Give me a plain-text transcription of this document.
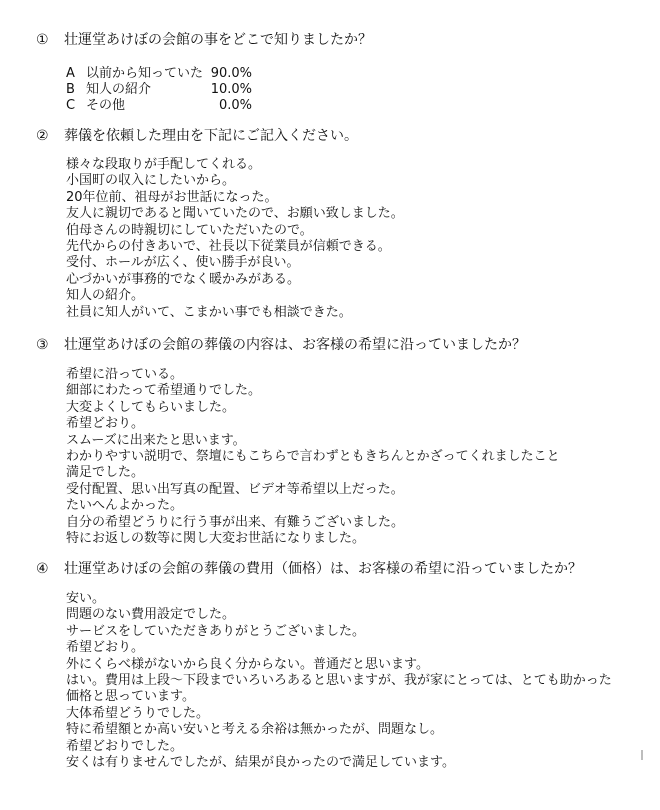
① 壮運堂あけぼの会館の事をどこで知りましたか？
A 以前から知っていた 90.0%
B 知人の紹介	10.0%
C その他	0.0%
② 葬儀を依頼した理由を下記にご記入ください。
様々な段取りが手配してくれる。
小国町の収入にしたいから。
20年位前、祖母がお世話になった。
友人に親切であると聞いていたので、お願い致しました。
伯母さんの時親切にしていただいたので。
先代からの付きあいで、社長以下従業員が信頼できる。
受付、ホールが広く、使い勝手が良い。
心づかいが事務的でなく暖かみがある。
知人の紹介。
社員に知人がいて、こまかい事でも相談できた。
③ 壮運堂あけぼの会館の葬儀の内容は、お客様の希望に沿っていましたか？
希望に沿っている。
細部にわたって希望通りでした。
大変よくしてもらいました。
希望どおり。
スムーズに出来たと思います。
わかりやすい説明で、祭壇にもこちらで言わずともきちんとかざってくれましたこと
満足でした。
受付配置、思い出写真の配置、ビデオ等希望以上だった。
たいへんよかった。
自分の希望どうりに行う事が出来、有難うございました。
特にお返しの数等に関し大変お世話になりました。
④ 壮運堂あけぼの会館の葬儀の費用（価格）は、お客様の希望に沿っていましたか？
安い。
問題のない費用設定でした。
サービスをしていただきありがとうございました。
希望どおり。
外にくらべ様がないから良く分からない。普通だと思います。
はい。費用は上段～下段までいろいろあると思いますが、我が家にとっては、とても助かった
価格と思っています。
大体希望どうりでした。
特に希望額とか高い安いと考える余裕は無かったが、問題なし。
希望どおりでした。
安くは有りませんでしたが、結果が良かったので満足しています。
